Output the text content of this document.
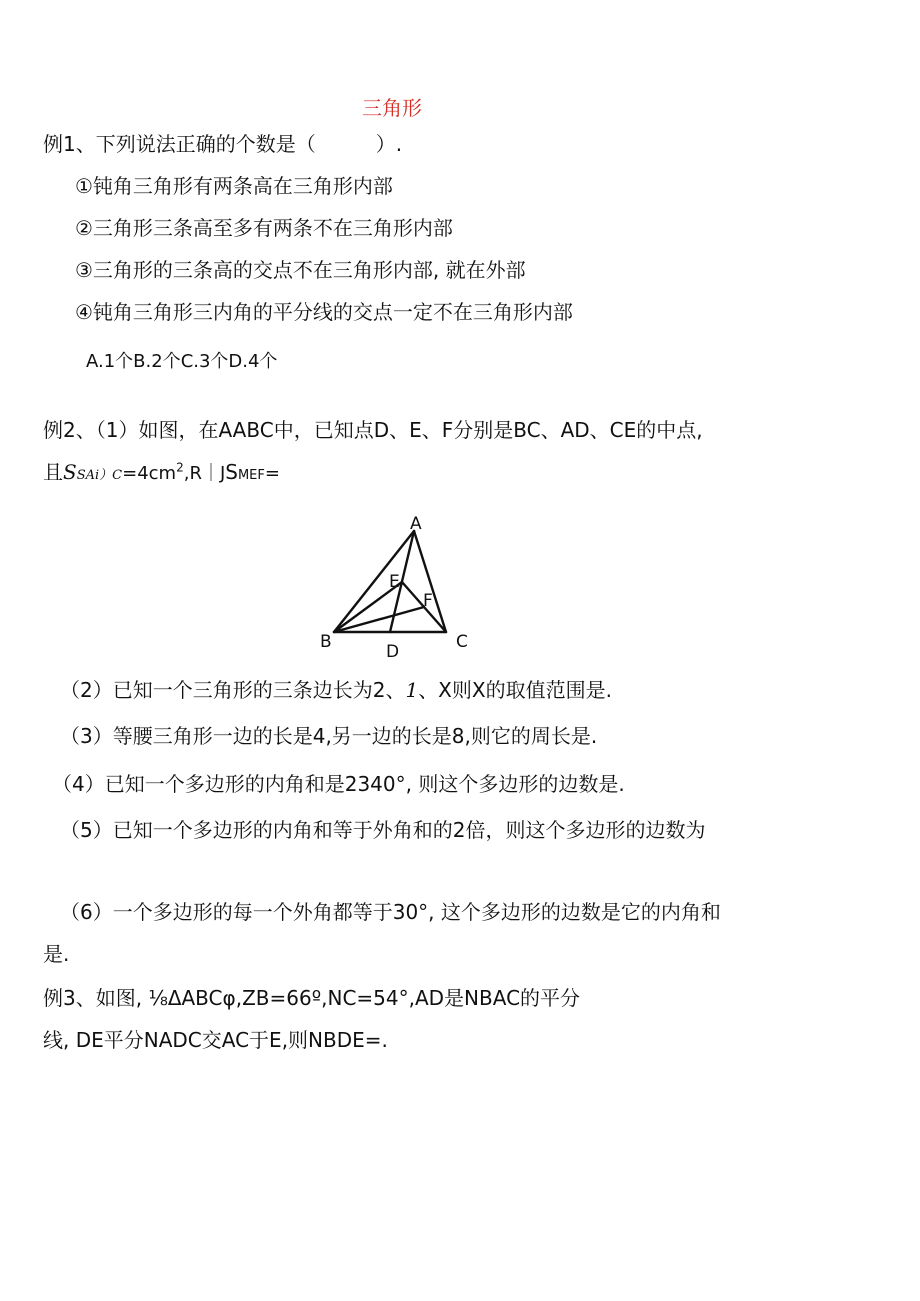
三角形
例1、下列说法正确的个数是（　　　）.
①钝角三角形有两条高在三角形内部
②三角形三条高至多有两条不在三角形内部
③三角形的三条高的交点不在三角形内部, 就在外部
④钝角三角形三内角的平分线的交点一定不在三角形内部
A.1个B.2个C.3个D.4个
例2、（1）如图，在AABC中，已知点D、E、F分别是BC、AD、CE的中点,
且$SSAi)C=4cm^2,R|JSMEF=$
A
B	C
D
E
F
（2）已知一个三角形的三条边长为2、1、X则X的取值范围是.
（3）等腰三角形一边的长是4,另一边的长是8,则它的周长是.
（4）已知一个多边形的内角和是2340°, 则这个多边形的边数是.
（5）已知一个多边形的内角和等于外角和的2倍，则这个多边形的边数为
（6）一个多边形的每一个外角都等于30°, 这个多边形的边数是它的内角和
是.
例3、如图, ⅛ΔABCφ,ZB=66º,NC=54°,AD是NBAC的平分
线, DE平分NADC交AC于E,则NBDE=.
